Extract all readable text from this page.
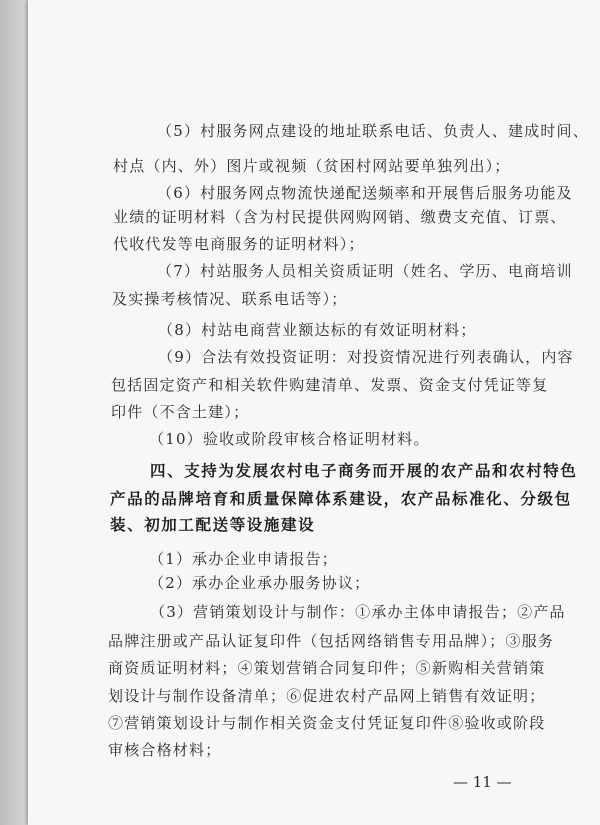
（5）村服务网点建设的地址联系电话、负责人、建成时间、
村点（内、外）图片或视频（贫困村网站要单独列出）；
（6）村服务网点物流快递配送频率和开展售后服务功能及
业绩的证明材料（含为村民提供网购网销、缴费支充值、订票、
代收代发等电商服务的证明材料）；
（7）村站服务人员相关资质证明（姓名、学历、电商培训
及实操考核情况、联系电话等）；
（8）村站电商营业额达标的有效证明材料；
（9）合法有效投资证明：对投资情况进行列表确认，内容
包括固定资产和相关软件购建清单、发票、资金支付凭证等复
印件（不含土建）；
（10）验收或阶段审核合格证明材料。
四、支持为发展农村电子商务而开展的农产品和农村特色
产品的品牌培育和质量保障体系建设，农产品标准化、分级包
装、初加工配送等设施建设
（1）承办企业申请报告；
（2）承办企业承办服务协议；
（3）营销策划设计与制作：①承办主体申请报告；②产品
品牌注册或产品认证复印件（包括网络销售专用品牌）；③服务
商资质证明材料；④策划营销合同复印件；⑤新购相关营销策
划设计与制作设备清单；⑥促进农村产品网上销售有效证明；
⑦营销策划设计与制作相关资金支付凭证复印件⑧验收或阶段
审核合格材料；
— 11 —
